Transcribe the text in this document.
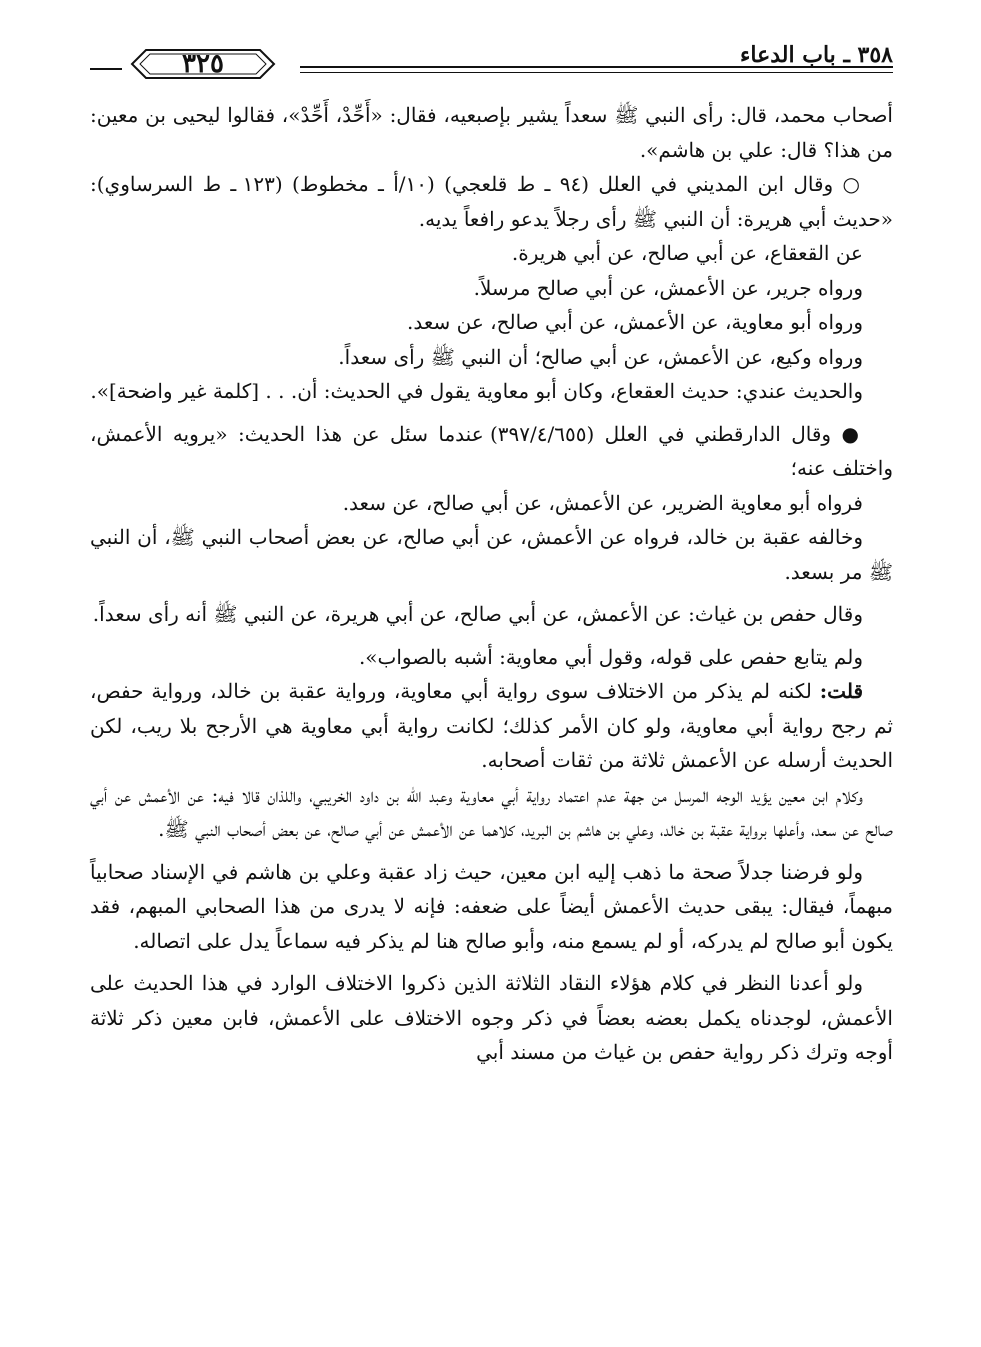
٣٥٨ ـ باب الدعاء
٣٢٥

أصحاب محمد، قال: رأى النبي ﷺ سعداً يشير بإصبعيه، فقال: «أَحِّدْ، أَحِّدْ»، فقالوا ليحيى بن معين: من هذا؟ قال: علي بن هاشم».

○ وقال ابن المديني في العلل (٩٤ ـ ط قلعجي) (١٠/أ ـ مخطوط) (١٢٣ ـ ط السرساوي): «حديث أبي هريرة: أن النبي ﷺ رأى رجلاً يدعو رافعاً يديه.

عن القعقاع، عن أبي صالح، عن أبي هريرة.

ورواه جرير، عن الأعمش، عن أبي صالح مرسلاً.

ورواه أبو معاوية، عن الأعمش، عن أبي صالح، عن سعد.

ورواه وكيع، عن الأعمش، عن أبي صالح؛ أن النبي ﷺ رأى سعداً.

والحديث عندي: حديث العقعاع، وكان أبو معاوية يقول في الحديث: أن. . . [كلمة غير واضحة]».

● وقال الدارقطني في العلل (٣٩٧/٤/٦٥٥) عندما سئل عن هذا الحديث: «يرويه الأعمش، واختلف عنه؛

فرواه أبو معاوية الضرير، عن الأعمش، عن أبي صالح، عن سعد.

وخالفه عقبة بن خالد، فرواه عن الأعمش، عن أبي صالح، عن بعض أصحاب النبي ﷺ، أن النبي ﷺ مر بسعد.

وقال حفص بن غياث: عن الأعمش، عن أبي صالح، عن أبي هريرة، عن النبي ﷺ أنه رأى سعداً.

ولم يتابع حفص على قوله، وقول أبي معاوية: أشبه بالصواب».

قلت: لكنه لم يذكر من الاختلاف سوى رواية أبي معاوية، ورواية عقبة بن خالد، ورواية حفص، ثم رجح رواية أبي معاوية، ولو كان الأمر كذلك؛ لكانت رواية أبي معاوية هي الأرجح بلا ريب، لكن الحديث أرسله عن الأعمش ثلاثة من ثقات أصحابه.

وكلام ابن معين يؤيد الوجه المرسل من جهة عدم اعتماد رواية أبي معاوية وعبد الله بن داود الخريبي، واللذان قالا فيه: عن الأعمش عن أبي صالح عن سعد، وأعلها برواية عقبة بن خالد، وعلي بن هاشم بن البريد، كلاهما عن الأعمش عن أبي صالح، عن بعض أصحاب النبي ﷺ.

ولو فرضنا جدلاً صحة ما ذهب إليه ابن معين، حيث زاد عقبة وعلي بن هاشم في الإسناد صحابياً مبهماً، فيقال: يبقى حديث الأعمش أيضاً على ضعفه: فإنه لا يدرى من هذا الصحابي المبهم، فقد يكون أبو صالح لم يدركه، أو لم يسمع منه، وأبو صالح هنا لم يذكر فيه سماعاً يدل على اتصاله.

ولو أعدنا النظر في كلام هؤلاء النقاد الثلاثة الذين ذكروا الاختلاف الوارد في هذا الحديث على الأعمش، لوجدناه يكمل بعضه بعضاً في ذكر وجوه الاختلاف على الأعمش، فابن معين ذكر ثلاثة أوجه وترك ذكر رواية حفص بن غياث من مسند أبي
